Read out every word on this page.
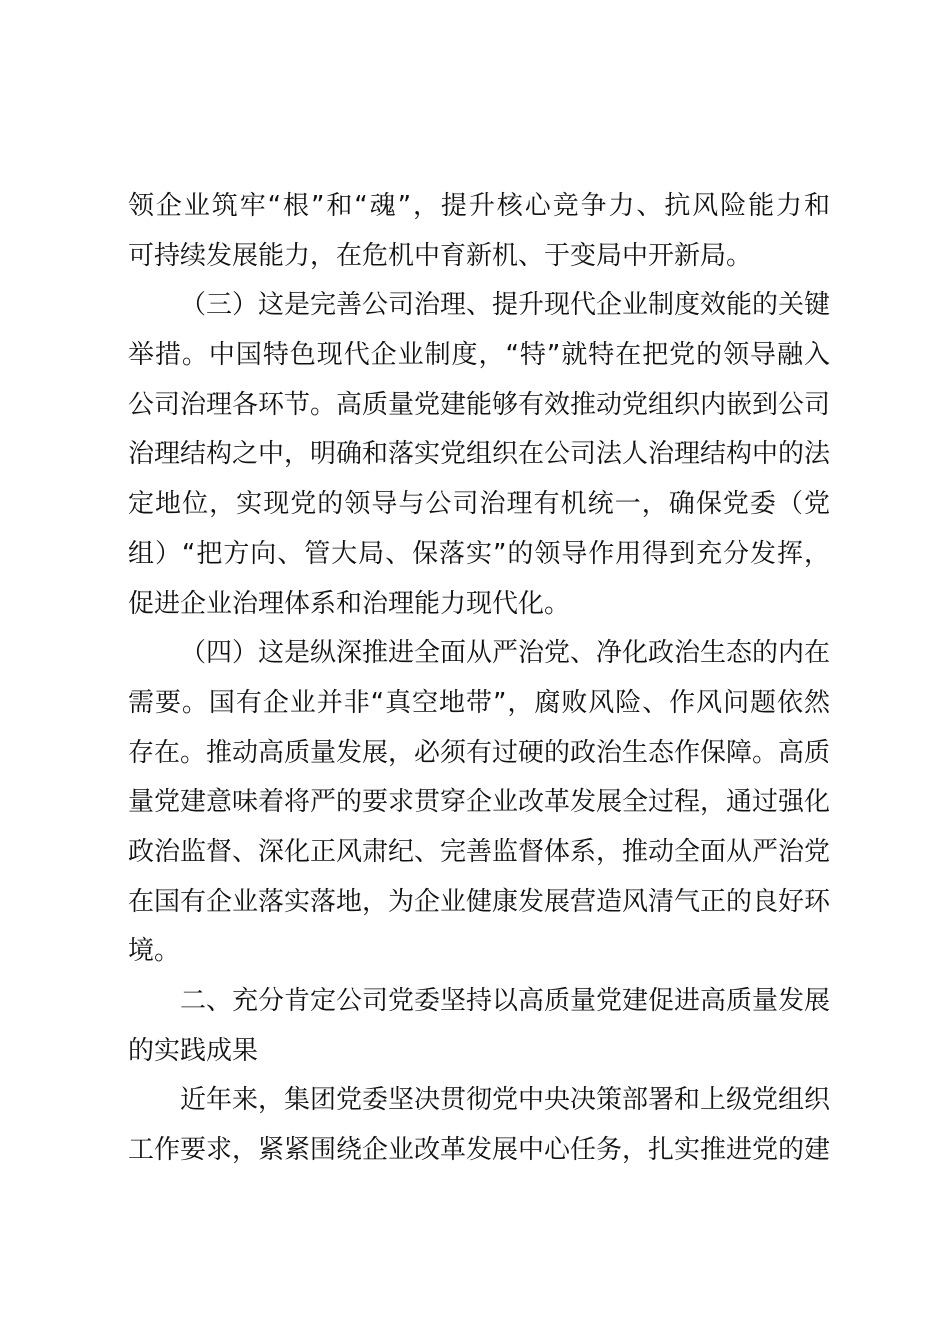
领企业筑牢“根”和“魂”，提升核心竞争力、抗风险能力和
可持续发展能力，在危机中育新机、于变局中开新局。
（三）这是完善公司治理、提升现代企业制度效能的关键
举措。中国特色现代企业制度，“特”就特在把党的领导融入
公司治理各环节。高质量党建能够有效推动党组织内嵌到公司
治理结构之中，明确和落实党组织在公司法人治理结构中的法
定地位，实现党的领导与公司治理有机统一，确保党委（党
组）“把方向、管大局、保落实”的领导作用得到充分发挥，
促进企业治理体系和治理能力现代化。
（四）这是纵深推进全面从严治党、净化政治生态的内在
需要。国有企业并非“真空地带”，腐败风险、作风问题依然
存在。推动高质量发展，必须有过硬的政治生态作保障。高质
量党建意味着将严的要求贯穿企业改革发展全过程，通过强化
政治监督、深化正风肃纪、完善监督体系，推动全面从严治党
在国有企业落实落地，为企业健康发展营造风清气正的良好环
境。
二、充分肯定公司党委坚持以高质量党建促进高质量发展
的实践成果
近年来，集团党委坚决贯彻党中央决策部署和上级党组织
工作要求，紧紧围绕企业改革发展中心任务，扎实推进党的建
